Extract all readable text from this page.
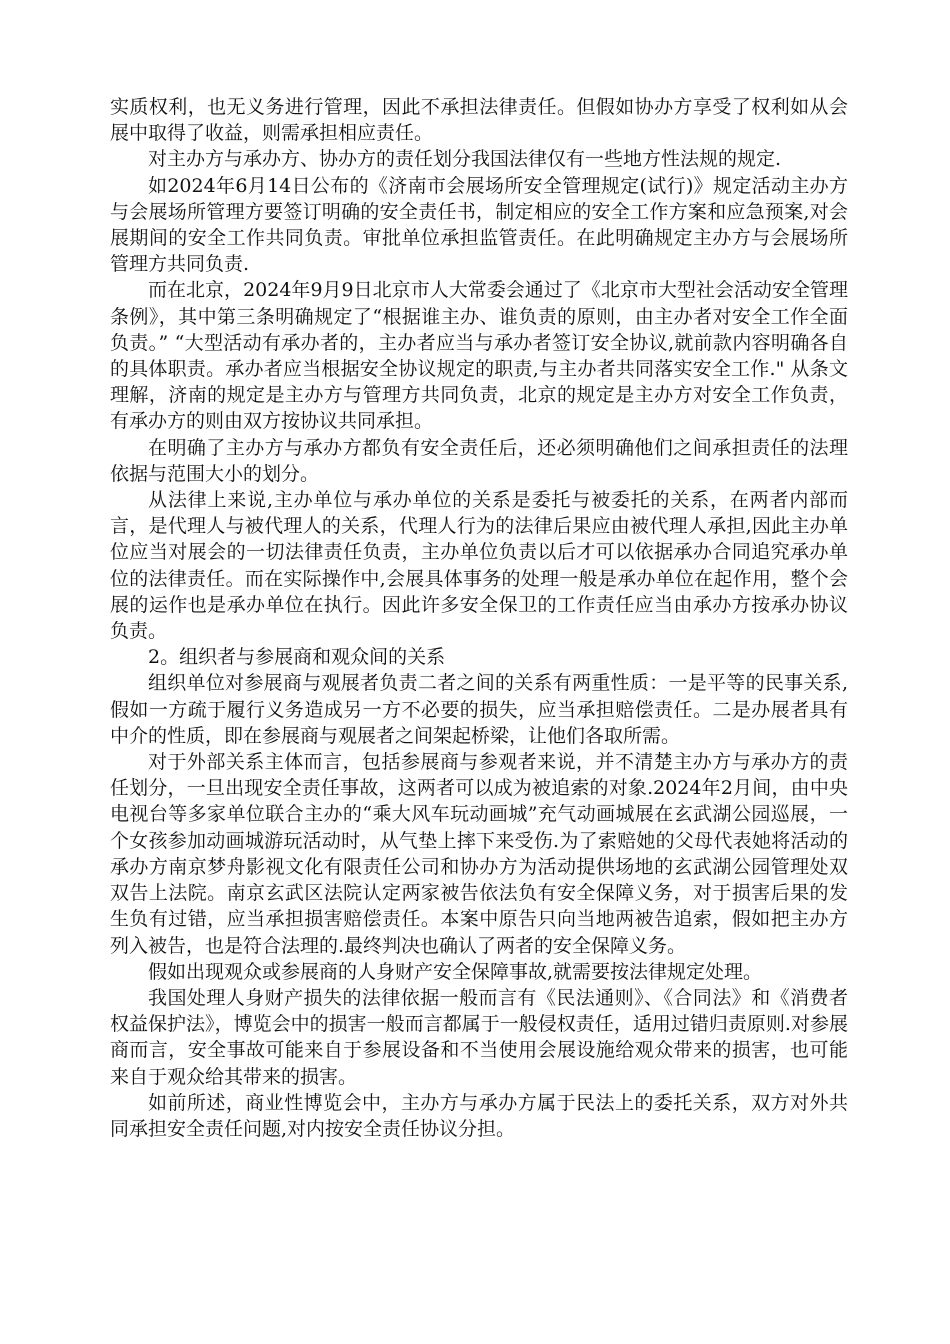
实质权利，也无义务进行管理，因此不承担法律责任。但假如协办方享受了权利如从会展中取得了收益，则需承担相应责任。

对主办方与承办方、协办方的责任划分我国法律仅有一些地方性法规的规定.

如2024年6月14日公布的《济南市会展场所安全管理规定(试行)》规定活动主办方与会展场所管理方要签订明确的安全责任书，制定相应的安全工作方案和应急预案,对会展期间的安全工作共同负责。审批单位承担监管责任。在此明确规定主办方与会展场所管理方共同负责.

而在北京，2024年9月9日北京市人大常委会通过了《北京市大型社会活动安全管理条例》，其中第三条明确规定了“根据谁主办、谁负责的原则，由主办者对安全工作全面负责。” “大型活动有承办者的，主办者应当与承办者签订安全协议,就前款内容明确各自的具体职责。承办者应当根据安全协议规定的职责,与主办者共同落实安全工作." 从条文理解，济南的规定是主办方与管理方共同负责，北京的规定是主办方对安全工作负责，有承办方的则由双方按协议共同承担。

在明确了主办方与承办方都负有安全责任后，还必须明确他们之间承担责任的法理依据与范围大小的划分。

从法律上来说,主办单位与承办单位的关系是委托与被委托的关系，在两者内部而言，是代理人与被代理人的关系，代理人行为的法律后果应由被代理人承担,因此主办单位应当对展会的一切法律责任负责，主办单位负责以后才可以依据承办合同追究承办单位的法律责任。而在实际操作中,会展具体事务的处理一般是承办单位在起作用，整个会展的运作也是承办单位在执行。因此许多安全保卫的工作责任应当由承办方按承办协议负责。

2。组织者与参展商和观众间的关系

组织单位对参展商与观展者负责二者之间的关系有两重性质：一是平等的民事关系,假如一方疏于履行义务造成另一方不必要的损失，应当承担赔偿责任。二是办展者具有中介的性质，即在参展商与观展者之间架起桥梁，让他们各取所需。

对于外部关系主体而言，包括参展商与参观者来说，并不清楚主办方与承办方的责任划分，一旦出现安全责任事故，这两者可以成为被追索的对象.2024年2月间，由中央电视台等多家单位联合主办的“乘大风车玩动画城”充气动画城展在玄武湖公园巡展，一个女孩参加动画城游玩活动时，从气垫上摔下来受伤.为了索赔她的父母代表她将活动的承办方南京梦舟影视文化有限责任公司和协办方为活动提供场地的玄武湖公园管理处双双告上法院。南京玄武区法院认定两家被告依法负有安全保障义务，对于损害后果的发生负有过错，应当承担损害赔偿责任。本案中原告只向当地两被告追索，假如把主办方列入被告，也是符合法理的.最终判决也确认了两者的安全保障义务。

假如出现观众或参展商的人身财产安全保障事故,就需要按法律规定处理。

我国处理人身财产损失的法律依据一般而言有《民法通则》、《合同法》和《消费者权益保护法》，博览会中的损害一般而言都属于一般侵权责任，适用过错归责原则.对参展商而言，安全事故可能来自于参展设备和不当使用会展设施给观众带来的损害，也可能来自于观众给其带来的损害。

如前所述，商业性博览会中，主办方与承办方属于民法上的委托关系，双方对外共同承担安全责任问题,对内按安全责任协议分担。
